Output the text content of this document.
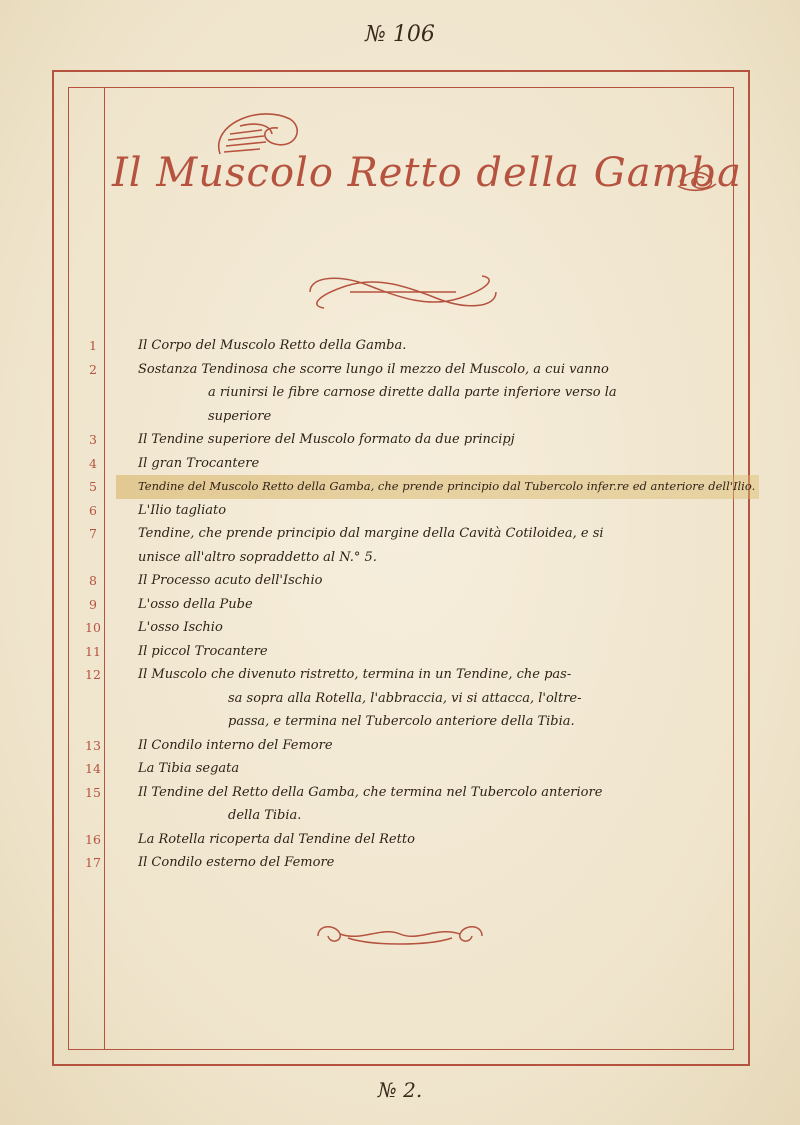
№ 106
Il Muscolo Retto della Gamba
1	Il Corpo del Muscolo Retto della Gamba.
2	Sostanza Tendinosa che scorre lungo il mezzo del Muscolo, a cui vanno
a riunirsi le fibre carnose dirette dalla parte inferiore verso la
superiore
3	Il Tendine superiore del Muscolo formato da due principj
4	Il gran Trocantere
5	Tendine del Muscolo Retto della Gamba, che prende principio dal Tubercolo infer.re ed anteriore dell'Ilio.
6	L'Ilio tagliato
7	Tendine, che prende principio dal margine della Cavità Cotiloidea, e si
unisce all'altro sopraddetto al N.° 5.
8	Il Processo acuto dell'Ischio
9	L'osso della Pube
10	L'osso Ischio
11	Il piccol Trocantere
12	Il Muscolo che divenuto ristretto, termina in un Tendine, che pas-
sa sopra alla Rotella, l'abbraccia, vi si attacca, l'oltre-
passa, e termina nel Tubercolo anteriore della Tibia.
13	Il Condilo interno del Femore
14	La Tibia segata
15	Il Tendine del Retto della Gamba, che termina nel Tubercolo anteriore
della Tibia.
16	La Rotella ricoperta dal Tendine del Retto
17	Il Condilo esterno del Femore
№ 2.
